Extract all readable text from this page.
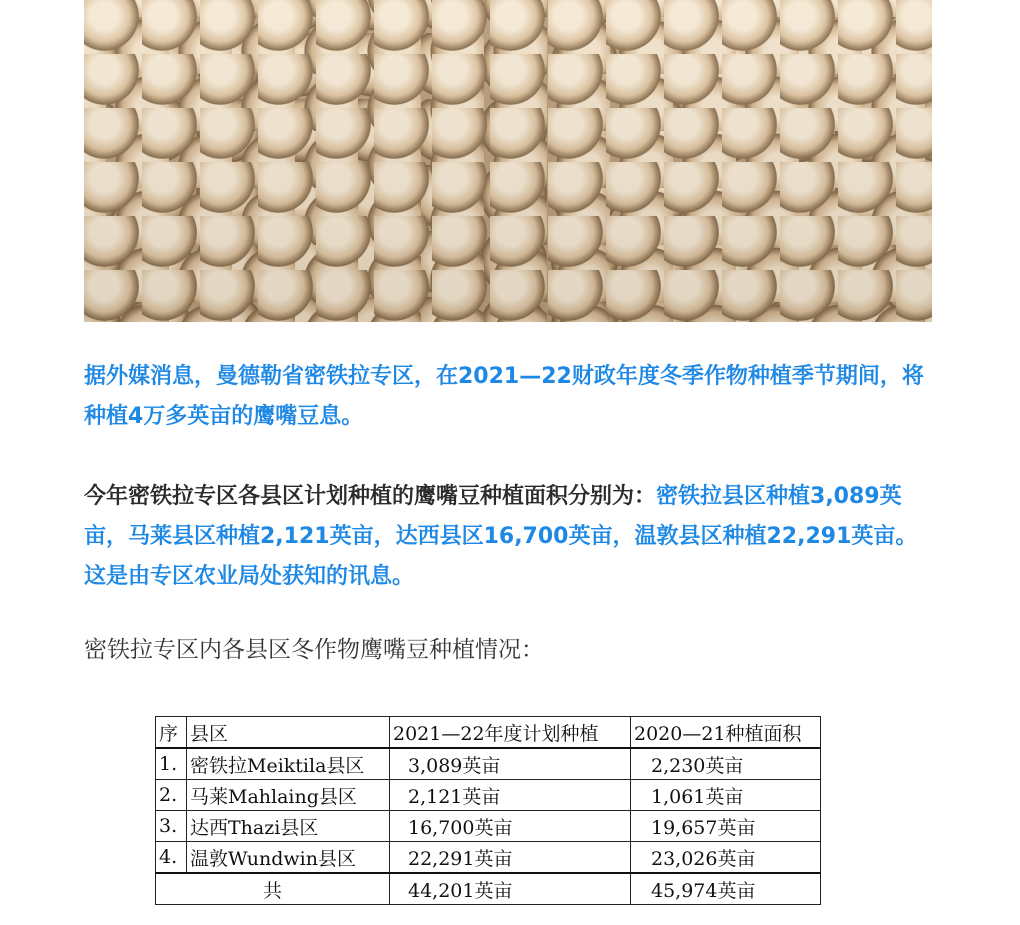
据外媒消息，曼德勒省密铁拉专区，在2021—22财政年度冬季作物种植季节期间，将种植4万多英亩的鹰嘴豆息。

今年密铁拉专区各县区计划种植的鹰嘴豆种植面积分别为：密铁拉县区种植3,089英亩，马莱县区种植2,121英亩，达西县区16,700英亩，温敦县区种植22,291英亩。这是由专区农业局处获知的讯息。

密铁拉专区内各县区冬作物鹰嘴豆种植情况：

序	县区	2021—22年度计划种植	2020—21种植面积
1.	密铁拉Meiktila县区	3,089英亩	2,230英亩
2.	马莱Mahlaing县区	2,121英亩	1,061英亩
3.	达西Thazi县区	16,700英亩	19,657英亩
4.	温敦Wundwin县区	22,291英亩	23,026英亩
共		44,201英亩	45,974英亩
